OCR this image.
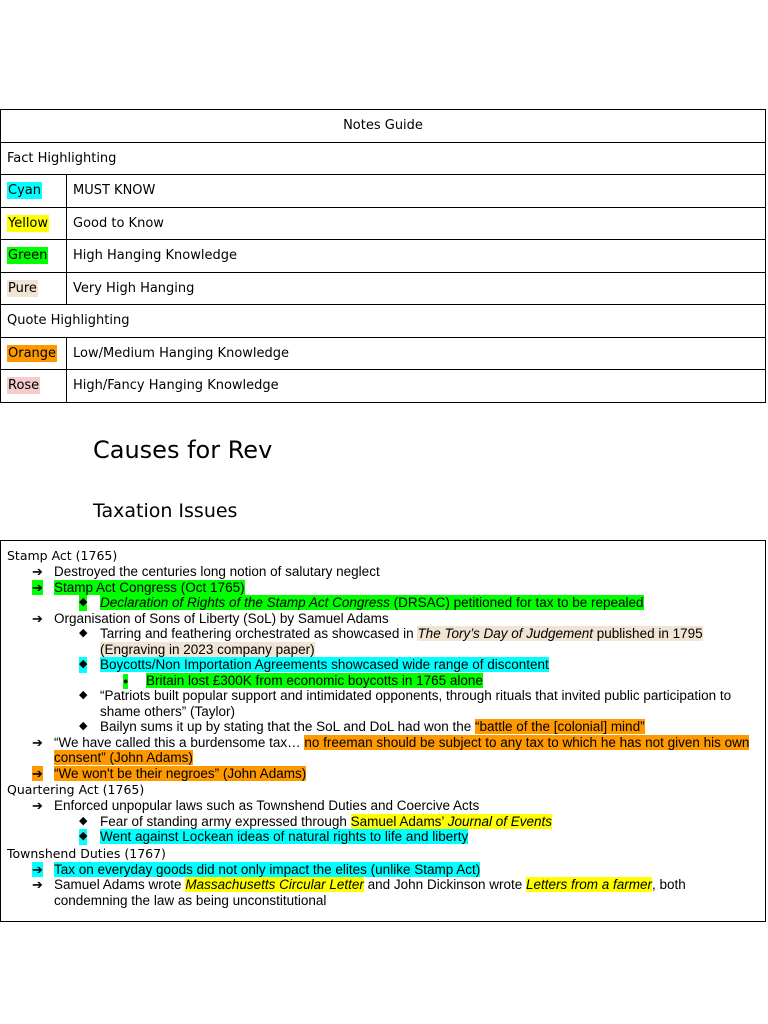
Notes Guide	
Fact Highlighting	
Cyan	MUST KNOW
Yellow	Good to Know
Green	High Hanging Knowledge
Pure	Very High Hanging
Quote Highlighting	
Orange	Low/Medium Hanging Knowledge
Rose	High/Fancy Hanging Knowledge
Causes for Rev
Taxation Issues
Stamp Act (1765)
➔ Destroyed the centuries long notion of salutary neglect
➔ Stamp Act Congress (Oct 1765)
◆ Declaration of Rights of the Stamp Act Congress (DRSAC) petitioned for tax to be repealed
➔ Organisation of Sons of Liberty (SoL) by Samuel Adams
◆ Tarring and feathering orchestrated as showcased in The Tory’s Day of Judgement published in 1795 (Engraving in 2023 company paper)
◆ Boycotts/Non Importation Agreements showcased wide range of discontent
● Britain lost £300K from economic boycotts in 1765 alone
◆ “Patriots built popular support and intimidated opponents, through rituals that invited public participation to shame others” (Taylor)
◆ Bailyn sums it up by stating that the SoL and DoL had won the “battle of the [colonial] mind”
➔ “We have called this a burdensome tax… no freeman should be subject to any tax to which he has not given his own consent” (John Adams)
➔ “We won't be their negroes” (John Adams)
Quartering Act (1765)
➔ Enforced unpopular laws such as Townshend Duties and Coercive Acts
◆ Fear of standing army expressed through Samuel Adams’ Journal of Events
◆ Went against Lockean ideas of natural rights to life and liberty
Townshend Duties (1767)
➔ Tax on everyday goods did not only impact the elites (unlike Stamp Act)
➔ Samuel Adams wrote Massachusetts Circular Letter and John Dickinson wrote Letters from a farmer, both condemning the law as being unconstitutional
